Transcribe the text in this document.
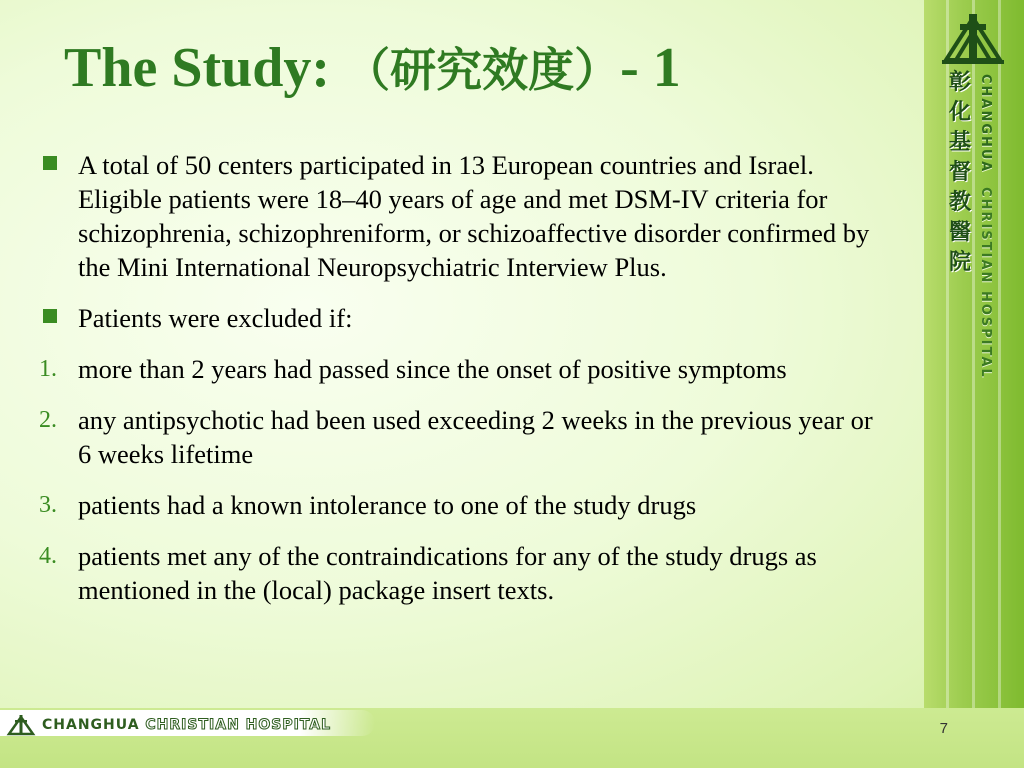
彰
化
基
督
教
醫
院
CHANGHUACHRISTIAN HOSPITAL
The Study: （研究效度）- 1
A total of 50 centers participated in 13 European countries and Israel. Eligible patients were 18–40 years of age and met DSM-IV criteria for schizophrenia, schizophreniform, or schizoaffective disorder confirmed by the Mini International Neuropsychiatric Interview Plus.
Patients were excluded if:
1. more than 2 years had passed since the onset of positive symptoms
2. any antipsychotic had been used exceeding 2 weeks in the previous year or 6 weeks lifetime
3. patients had a known intolerance to one of the study drugs
4. patients met any of the contraindications for any of the study drugs as mentioned in the (local) package insert texts.
CHANGHUA CHRISTIAN HOSPITAL	7
